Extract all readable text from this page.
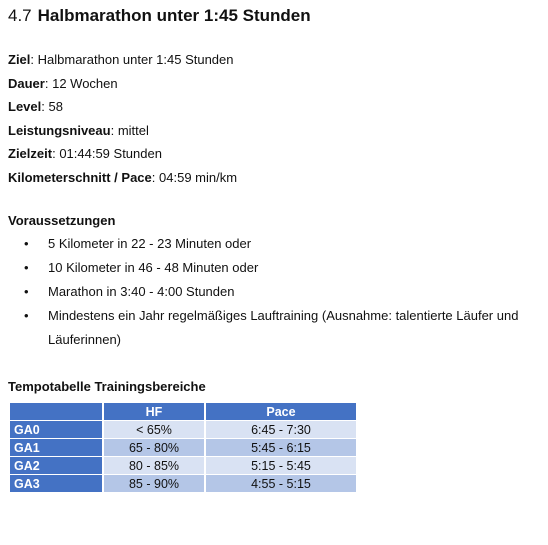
4.7 Halbmarathon unter 1:45 Stunden
Ziel: Halbmarathon unter 1:45 Stunden
Dauer: 12 Wochen
Level: 58
Leistungsniveau: mittel
Zielzeit: 01:44:59 Stunden
Kilometerschnitt / Pace: 04:59 min/km
Voraussetzungen
• 5 Kilometer in 22 - 23 Minuten oder
• 10 Kilometer in 46 - 48 Minuten oder
• Marathon in 3:40 - 4:00 Stunden
• Mindestens ein Jahr regelmäßiges Lauftraining (Ausnahme: talentierte Läufer und Läuferinnen)
Tempotabelle Trainingsbereiche
	HF	Pace
GA0	< 65%	6:45 - 7:30
GA1	65 - 80%	5:45 - 6:15
GA2	80 - 85%	5:15 - 5:45
GA3	85 - 90%	4:55 - 5:15
